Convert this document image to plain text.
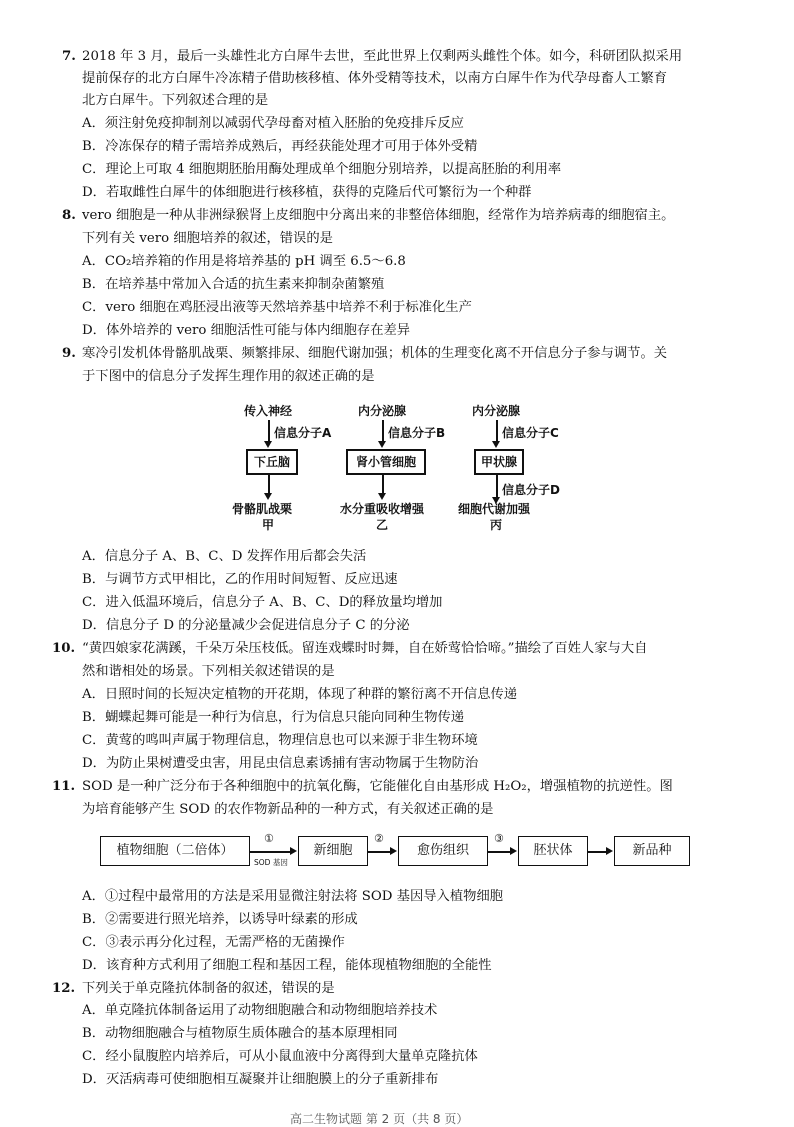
7. 2018 年 3 月，最后一头雄性北方白犀牛去世，至此世界上仅剩两头雌性个体。如今，科研团队拟采用
提前保存的北方白犀牛冷冻精子借助核移植、体外受精等技术，以南方白犀牛作为代孕母畜人工繁育
北方白犀牛。下列叙述合理的是
A．须注射免疫抑制剂以减弱代孕母畜对植入胚胎的免疫排斥反应
B．冷冻保存的精子需培养成熟后，再经获能处理才可用于体外受精
C．理论上可取 4 细胞期胚胎用酶处理成单个细胞分别培养，以提高胚胎的利用率
D．若取雌性白犀牛的体细胞进行核移植，获得的克隆后代可繁衍为一个种群
8. vero 细胞是一种从非洲绿猴肾上皮细胞中分离出来的非整倍体细胞，经常作为培养病毒的细胞宿主。
下列有关 vero 细胞培养的叙述，错误的是
A．CO₂培养箱的作用是将培养基的 pH 调至 6.5～6.8
B．在培养基中常加入合适的抗生素来抑制杂菌繁殖
C．vero 细胞在鸡胚浸出液等天然培养基中培养不利于标准化生产
D．体外培养的 vero 细胞活性可能与体内细胞存在差异
9. 寒冷引发机体骨骼肌战栗、频繁排尿、细胞代谢加强；机体的生理变化离不开信息分子参与调节。关
于下图中的信息分子发挥生理作用的叙述正确的是
传入神经
信息分子A
下丘脑
骨骼肌战栗
甲
内分泌腺
信息分子B
肾小管细胞
水分重吸收增强
乙
内分泌腺
信息分子C
甲状腺
信息分子D
细胞代谢加强
丙
A．信息分子 A、B、C、D 发挥作用后都会失活
B．与调节方式甲相比，乙的作用时间短暂、反应迅速
C．进入低温环境后，信息分子 A、B、C、D的释放量均增加
D．信息分子 D 的分泌量减少会促进信息分子 C 的分泌
10. “黄四娘家花满蹊，千朵万朵压枝低。留连戏蝶时时舞，自在娇莺恰恰啼。”描绘了百姓人家与大自
然和谐相处的场景。下列相关叙述错误的是
A．日照时间的长短决定植物的开花期，体现了种群的繁衍离不开信息传递
B．蝴蝶起舞可能是一种行为信息，行为信息只能向同种生物传递
C．黄莺的鸣叫声属于物理信息，物理信息也可以来源于非生物环境
D．为防止果树遭受虫害，用昆虫信息素诱捕有害动物属于生物防治
11. SOD 是一种广泛分布于各种细胞中的抗氧化酶，它能催化自由基形成 H₂O₂，增强植物的抗逆性。图
为培育能够产生 SOD 的农作物新品种的一种方式，有关叙述正确的是
植物细胞（二倍体）
①
SOD 基因
新细胞
②
愈伤组织
③
胚状体	新品种
A．①过程中最常用的方法是采用显微注射法将 SOD 基因导入植物细胞
B．②需要进行照光培养，以诱导叶绿素的形成
C．③表示再分化过程，无需严格的无菌操作
D．该育种方式利用了细胞工程和基因工程，能体现植物细胞的全能性
12. 下列关于单克隆抗体制备的叙述，错误的是
A．单克隆抗体制备运用了动物细胞融合和动物细胞培养技术
B．动物细胞融合与植物原生质体融合的基本原理相同
C．经小鼠腹腔内培养后，可从小鼠血液中分离得到大量单克隆抗体
D．灭活病毒可使细胞相互凝聚并让细胞膜上的分子重新排布
高二生物试题 第 2 页（共 8 页）
